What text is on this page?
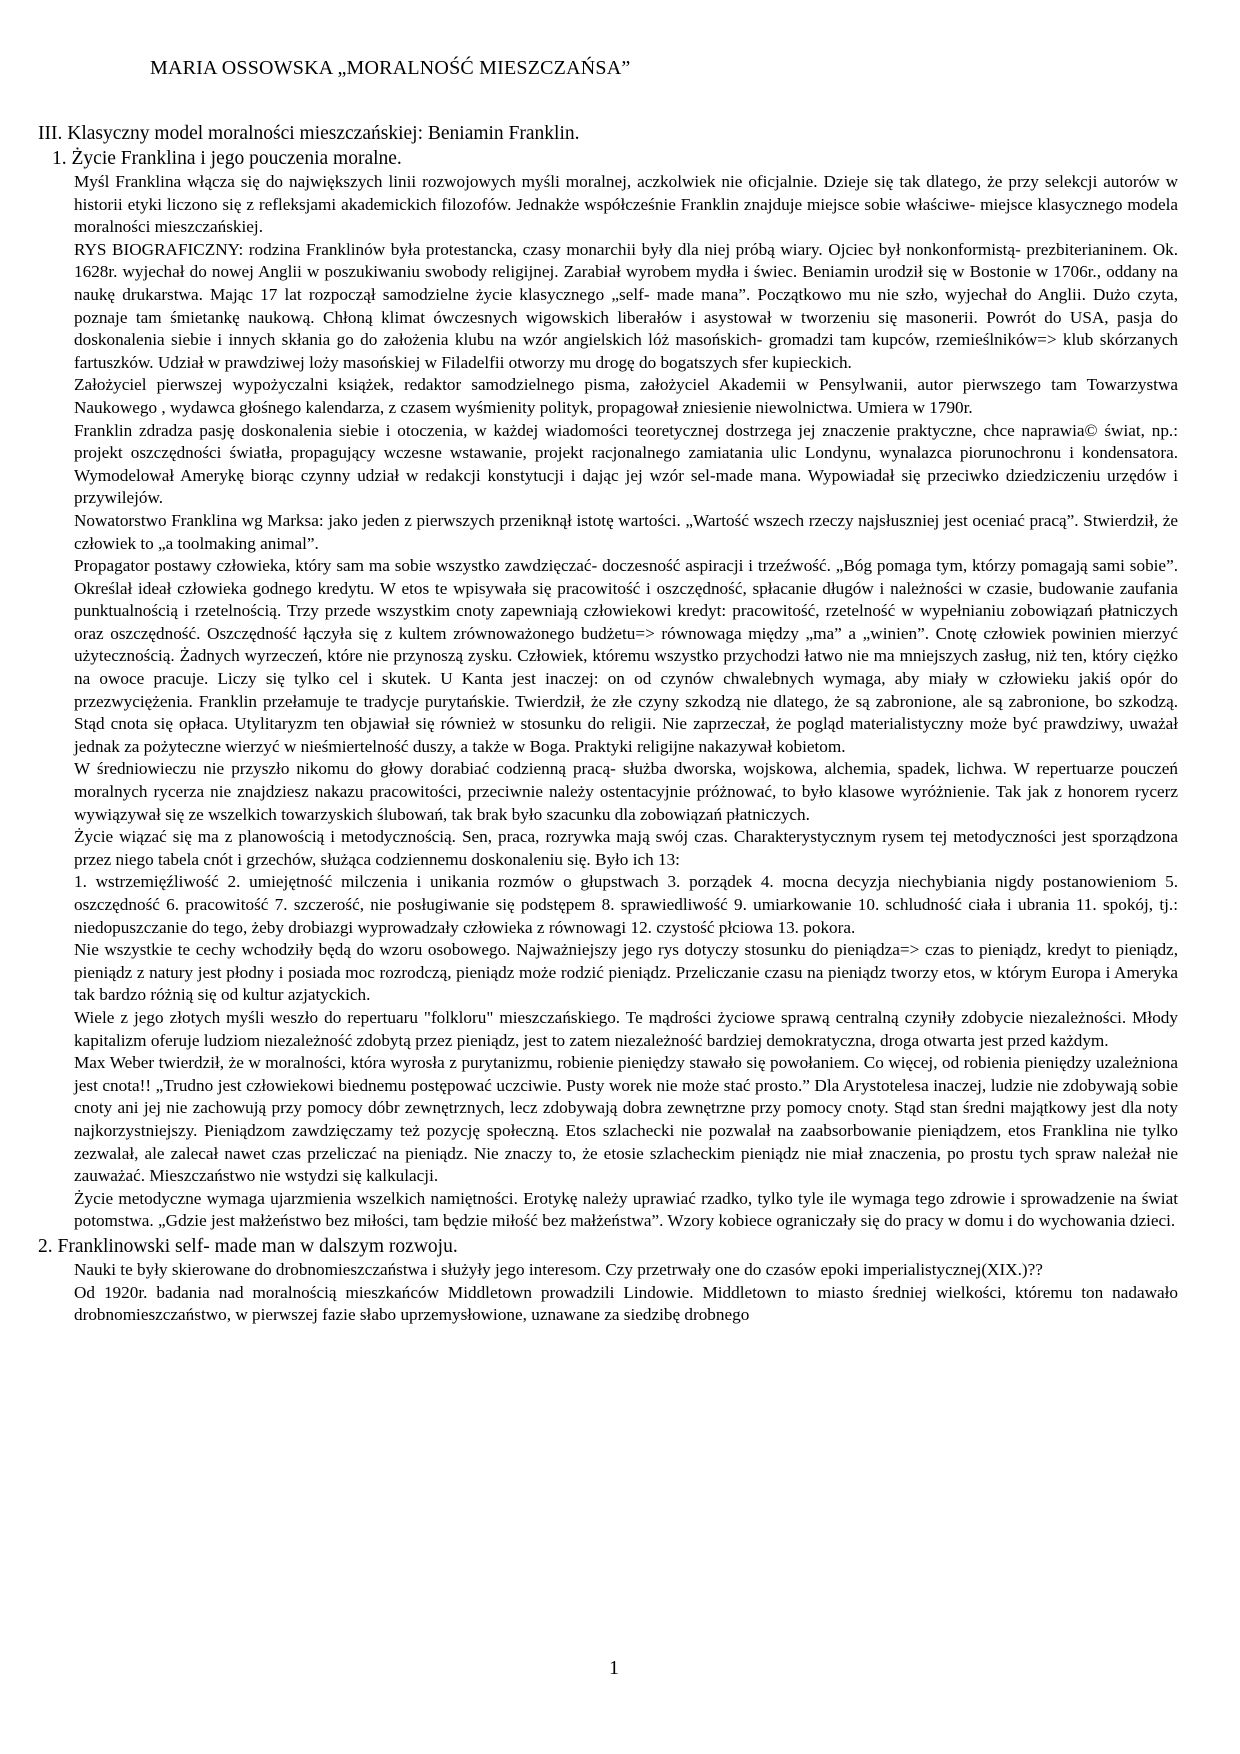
MARIA OSSOWSKA „MORALNOŚĆ MIESZCZAŃSA”
III. Klasyczny model moralności mieszczańskiej: Beniamin Franklin.
1. Życie Franklina i jego pouczenia moralne.

Myśl Franklina włącza się do największych linii rozwojowych myśli moralnej, aczkolwiek nie oficjalnie. Dzieje się tak dlatego, że przy selekcji autorów w historii etyki liczono się z refleksjami akademickich filozofów. Jednakże współcześnie Franklin znajduje miejsce sobie właściwe- miejsce klasycznego modela moralności mieszczańskiej.

RYS BIOGRAFICZNY: rodzina Franklinów była protestancka, czasy monarchii były dla niej próbą wiary. Ojciec był nonkonformistą- prezbiterianinem. Ok. 1628r. wyjechał do nowej Anglii w poszukiwaniu swobody religijnej. Zarabiał wyrobem mydła i świec. Beniamin urodził się w Bostonie w 1706r., oddany na naukę drukarstwa. Mając 17 lat rozpoczął samodzielne życie klasycznego „self- made mana”. Początkowo mu nie szło, wyjechał do Anglii. Dużo czyta, poznaje tam śmietankę naukową. Chłoną klimat ówczesnych wigowskich liberałów i asystował w tworzeniu się masonerii. Powrót do USA, pasja do doskonalenia siebie i innych skłania go do założenia klubu na wzór angielskich lóż masońskich- gromadzi tam kupców, rzemieślników=> klub skórzanych fartuszków. Udział w prawdziwej loży masońskiej w Filadelfii otworzy mu drogę do bogatszych sfer kupieckich.

Założyciel pierwszej wypożyczalni książek, redaktor samodzielnego pisma, założyciel Akademii w Pensylwanii, autor pierwszego tam Towarzystwa Naukowego , wydawca głośnego kalendarza, z czasem wyśmienity polityk, propagował zniesienie niewolnictwa. Umiera w 1790r.

Franklin zdradza pasję doskonalenia siebie i otoczenia, w każdej wiadomości teoretycznej dostrzega jej znaczenie praktyczne, chce naprawia© świat, np.: projekt oszczędności światła, propagujący wczesne wstawanie, projekt racjonalnego zamiatania ulic Londynu, wynalazca piorunochronu i kondensatora. Wymodelował Amerykę biorąc czynny udział w redakcji konstytucji i dając jej wzór sel-made mana. Wypowiadał się przeciwko dziedziczeniu urzędów i przywilejów.

Nowatorstwo Franklina wg Marksa: jako jeden z pierwszych przeniknął istotę wartości. „Wartość wszech rzeczy najsłuszniej jest oceniać pracą”. Stwierdził, że człowiek to „a toolmaking animal”.

Propagator postawy człowieka, który sam ma sobie wszystko zawdzięczać- doczesność aspiracji i trzeźwość. „Bóg pomaga tym, którzy pomagają sami sobie”. Określał ideał człowieka godnego kredytu. W etos te wpisywała się pracowitość i oszczędność, spłacanie długów i należności w czasie, budowanie zaufania punktualnością i rzetelnością. Trzy przede wszystkim cnoty zapewniają człowiekowi kredyt: pracowitość, rzetelność w wypełnianiu zobowiązań płatniczych oraz oszczędność. Oszczędność łączyła się z kultem zrównoważonego budżetu=> równowaga między „ma” a „winien”. Cnotę człowiek powinien mierzyć użytecznością. Żadnych wyrzeczeń, które nie przynoszą zysku. Człowiek, któremu wszystko przychodzi łatwo nie ma mniejszych zasług, niż ten, który ciężko na owoce pracuje. Liczy się tylko cel i skutek. U Kanta jest inaczej: on od czynów chwalebnych wymaga, aby miały w człowieku jakiś opór do przezwyciężenia. Franklin przełamuje te tradycje purytańskie. Twierdził, że złe czyny szkodzą nie dlatego, że są zabronione, ale są zabronione, bo szkodzą. Stąd cnota się opłaca. Utylitaryzm ten objawiał się również w stosunku do religii. Nie zaprzeczał, że pogląd materialistyczny może być prawdziwy, uważał jednak za pożyteczne wierzyć w nieśmiertelność duszy, a także w Boga. Praktyki religijne nakazywał kobietom.

W średniowieczu nie przyszło nikomu do głowy dorabiać codzienną pracą- służba dworska, wojskowa, alchemia, spadek, lichwa. W repertuarze pouczeń moralnych rycerza nie znajdziesz nakazu pracowitości, przeciwnie należy ostentacyjnie próżnować, to było klasowe wyróżnienie. Tak jak z honorem rycerz wywiązywał się ze wszelkich towarzyskich ślubowań, tak brak było szacunku dla zobowiązań płatniczych.

Życie wiązać się ma z planowością i metodycznością. Sen, praca, rozrywka mają swój czas. Charakterystycznym rysem tej metodyczności jest sporządzona przez niego tabela cnót i grzechów, służąca codziennemu doskonaleniu się. Było ich 13:

1. wstrzemięźliwość 2. umiejętność milczenia i unikania rozmów o głupstwach 3. porządek 4. mocna decyzja niechybiania nigdy postanowieniom 5. oszczędność 6. pracowitość 7. szczerość, nie posługiwanie się podstępem 8. sprawiedliwość 9. umiarkowanie 10. schludność ciała i ubrania 11. spokój, tj.: niedopuszczanie do tego, żeby drobiazgi wyprowadzały człowieka z równowagi 12. czystość płciowa 13. pokora.

Nie wszystkie te cechy wchodziły będą do wzoru osobowego. Najważniejszy jego rys dotyczy stosunku do pieniądza=> czas to pieniądz, kredyt to pieniądz, pieniądz z natury jest płodny i posiada moc rozrodczą, pieniądz może rodzić pieniądz. Przeliczanie czasu na pieniądz tworzy etos, w którym Europa i Ameryka tak bardzo różnią się od kultur azjatyckich.

Wiele z jego złotych myśli weszło do repertuaru "folkloru" mieszczańskiego. Te mądrości życiowe sprawą centralną czyniły zdobycie niezależności. Młody kapitalizm oferuje ludziom niezależność zdobytą przez pieniądz, jest to zatem niezależność bardziej demokratyczna, droga otwarta jest przed każdym.

Max Weber twierdził, że w moralności, która wyrosła z purytanizmu, robienie pieniędzy stawało się powołaniem. Co więcej, od robienia pieniędzy uzależniona jest cnota!! „Trudno jest człowiekowi biednemu postępować uczciwie. Pusty worek nie może stać prosto.” Dla Arystotelesa inaczej, ludzie nie zdobywają sobie cnoty ani jej nie zachowują przy pomocy dóbr zewnętrznych, lecz zdobywają dobra zewnętrzne przy pomocy cnoty. Stąd stan średni majątkowy jest dla noty najkorzystniejszy. Pieniądzom zawdzięczamy też pozycję społeczną. Etos szlachecki nie pozwalał na zaabsorbowanie pieniądzem, etos Franklina nie tylko zezwalał, ale zalecał nawet czas przeliczać na pieniądz. Nie znaczy to, że etosie szlacheckim pieniądz nie miał znaczenia, po prostu tych spraw należał nie zauważać. Mieszczaństwo nie wstydzi się kalkulacji.

Życie metodyczne wymaga ujarzmienia wszelkich namiętności. Erotykę należy uprawiać rzadko, tylko tyle ile wymaga tego zdrowie i sprowadzenie na świat potomstwa. „Gdzie jest małżeństwo bez miłości, tam będzie miłość bez małżeństwa”. Wzory kobiece ograniczały się do pracy w domu i do wychowania dzieci.

2. Franklinowski self- made man w dalszym rozwoju.

Nauki te były skierowane do drobnomieszczaństwa i służyły jego interesom. Czy przetrwały one do czasów epoki imperialistycznej(XIX.)??

Od 1920r. badania nad moralnością mieszkańców Middletown prowadzili Lindowie. Middletown to miasto średniej wielkości, któremu ton nadawało drobnomieszczaństwo, w pierwszej fazie słabo uprzemysłowione, uznawane za siedzibę drobnego

1
